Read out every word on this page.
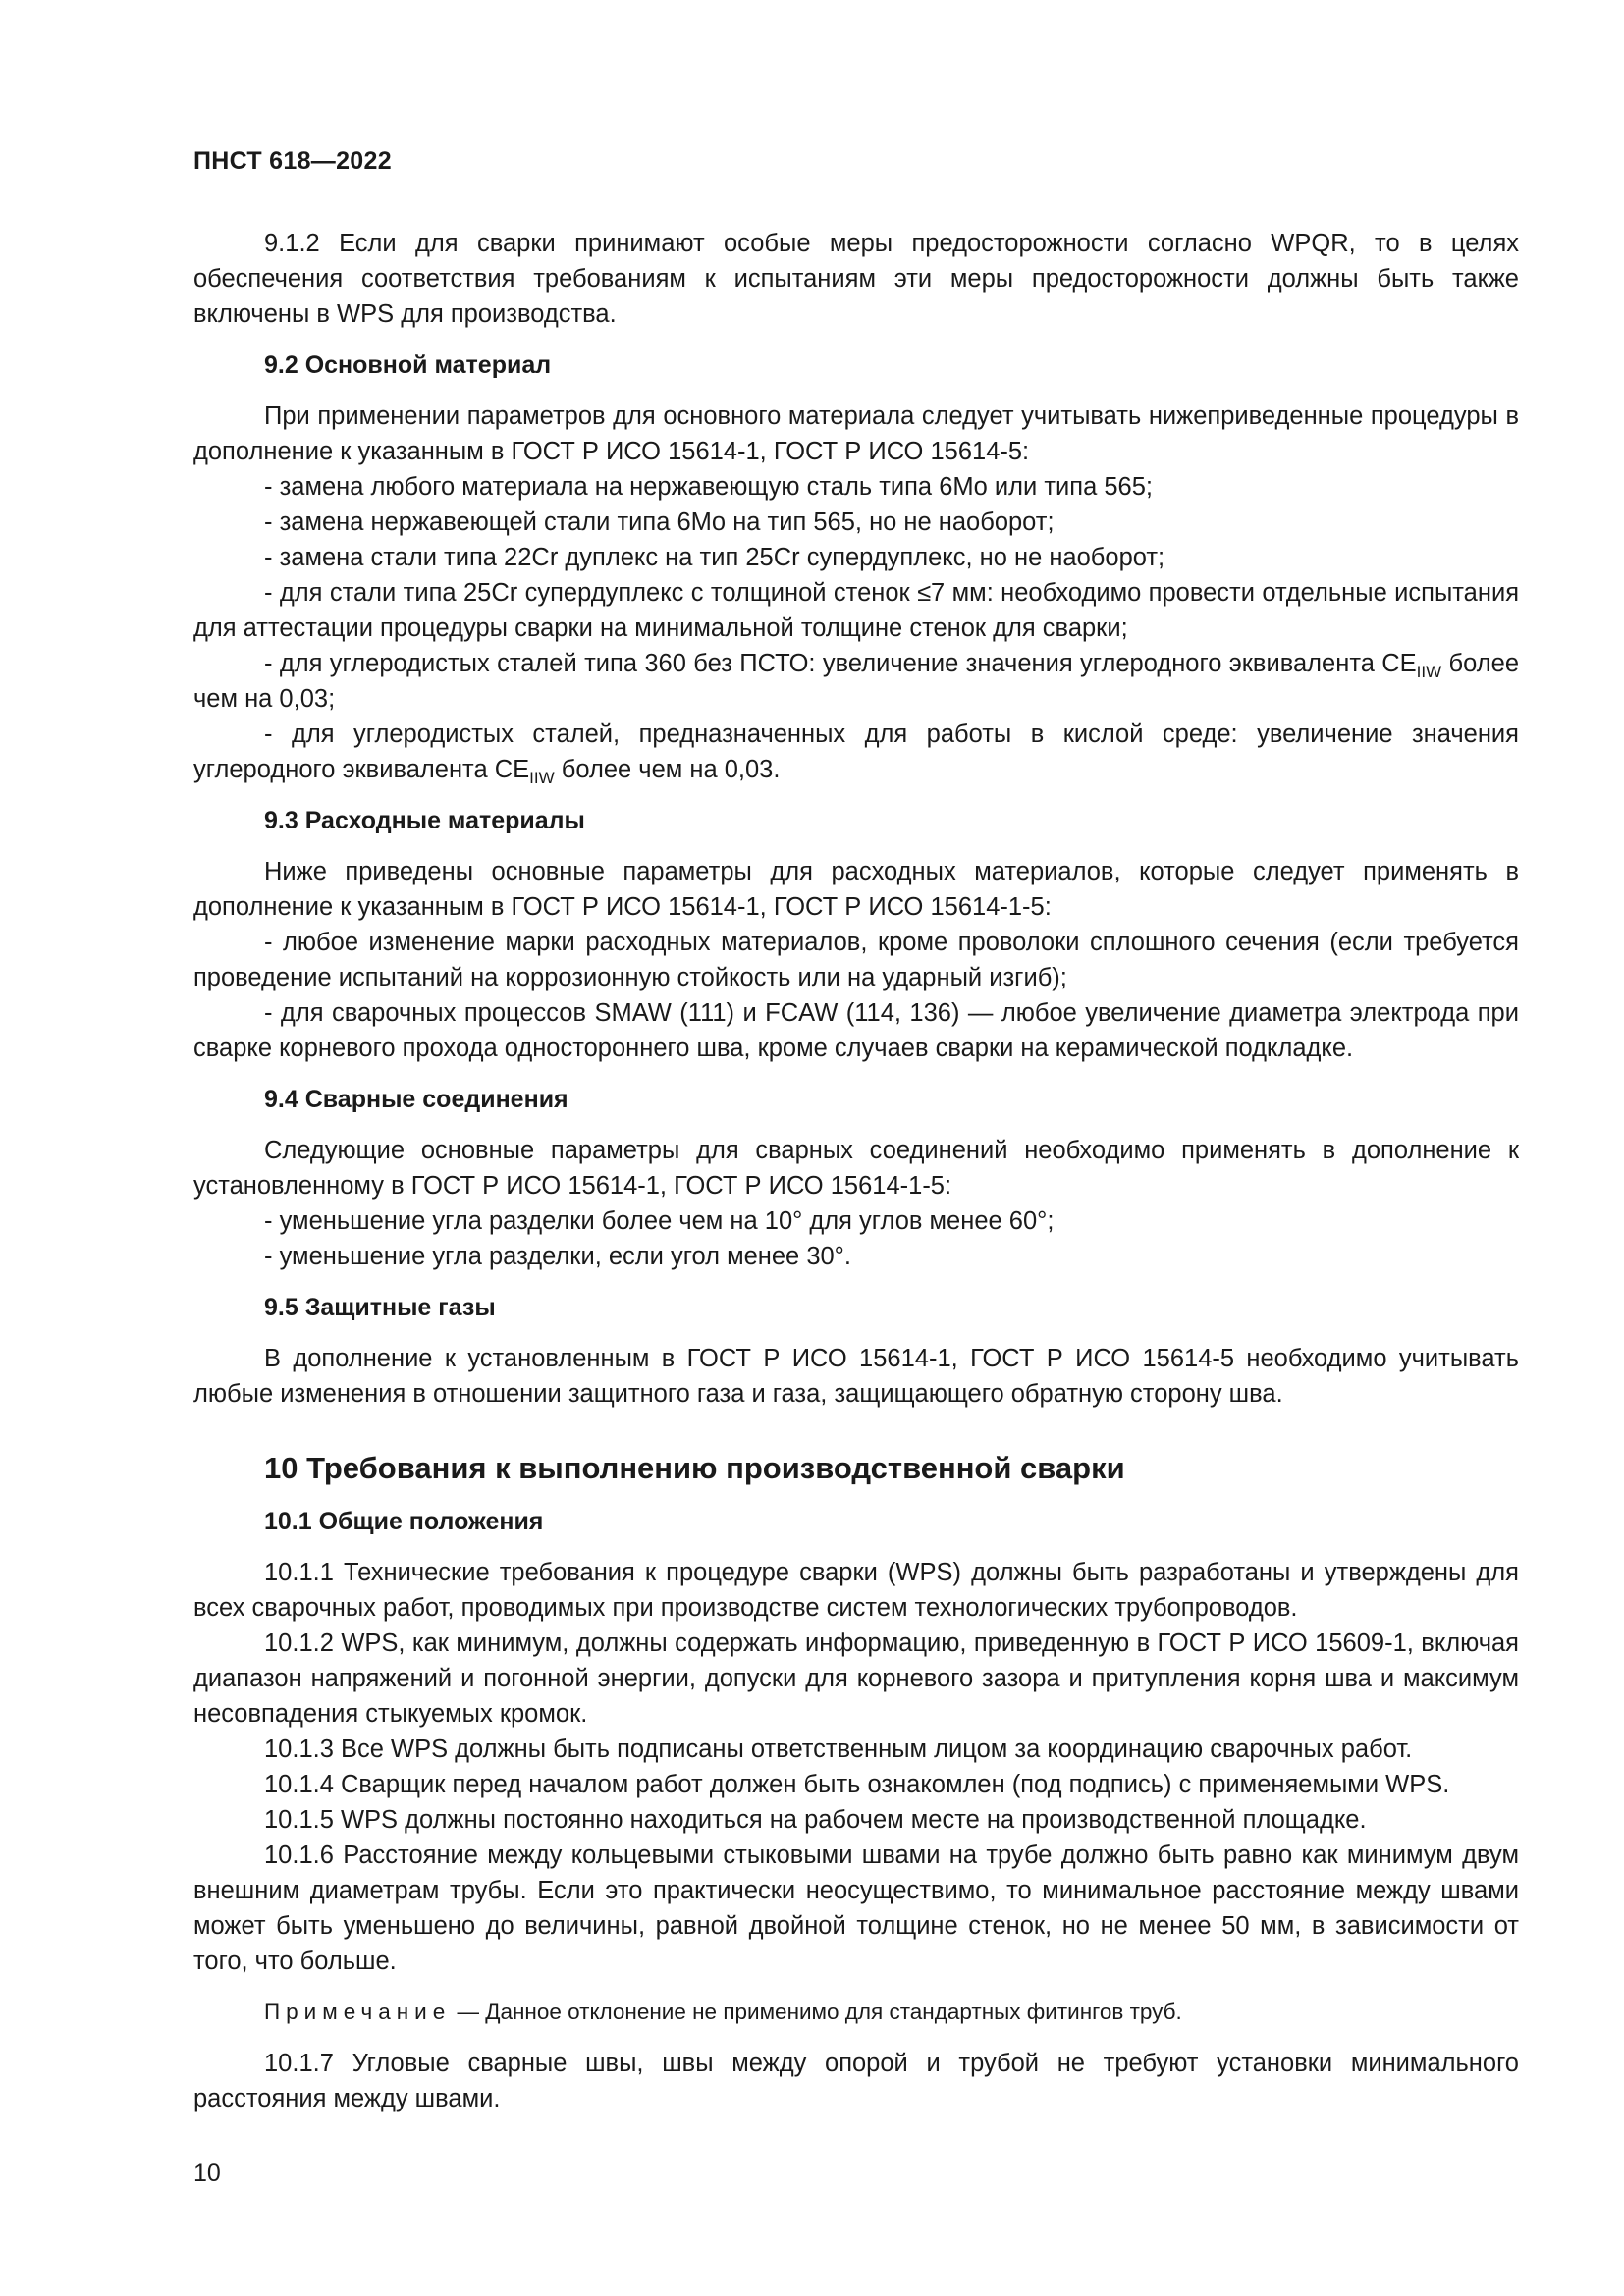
ПНСТ 618—2022

9.1.2 Если для сварки принимают особые меры предосторожности согласно WPQR, то в целях обеспечения соответствия требованиям к испытаниям эти меры предосторожности должны быть также включены в WPS для производства.

9.2 Основной материал

При применении параметров для основного материала следует учитывать нижеприведенные процедуры в дополнение к указанным в ГОСТ Р ИСО 15614-1, ГОСТ Р ИСО 15614-5:

- замена любого материала на нержавеющую сталь типа 6Mo или типа 565;

- замена нержавеющей стали типа 6Mo на тип 565, но не наоборот;

- замена стали типа 22Cr дуплекс на тип 25Cr супердуплекс, но не наоборот;

- для стали типа 25Cr супердуплекс с толщиной стенок ≤7 мм: необходимо провести отдельные испытания для аттестации процедуры сварки на минимальной толщине стенок для сварки;

- для углеродистых сталей типа 360 без ПСТО: увеличение значения углеродного эквивалента $CE_{IIW}$ более чем на 0,03;

- для углеродистых сталей, предназначенных для работы в кислой среде: увеличение значения углеродного эквивалента $CE_{IIW}$ более чем на 0,03.

9.3 Расходные материалы

Ниже приведены основные параметры для расходных материалов, которые следует применять в дополнение к указанным в ГОСТ Р ИСО 15614-1, ГОСТ Р ИСО 15614-1-5:

- любое изменение марки расходных материалов, кроме проволоки сплошного сечения (если требуется проведение испытаний на коррозионную стойкость или на ударный изгиб);

- для сварочных процессов SMAW (111) и FCAW (114, 136) — любое увеличение диаметра электрода при сварке корневого прохода одностороннего шва, кроме случаев сварки на керамической подкладке.

9.4 Сварные соединения

Следующие основные параметры для сварных соединений необходимо применять в дополнение к установленному в ГОСТ Р ИСО 15614-1, ГОСТ Р ИСО 15614-1-5:

- уменьшение угла разделки более чем на 10° для углов менее 60°;

- уменьшение угла разделки, если угол менее 30°.

9.5 Защитные газы

В дополнение к установленным в ГОСТ Р ИСО 15614-1, ГОСТ Р ИСО 15614-5 необходимо учитывать любые изменения в отношении защитного газа и газа, защищающего обратную сторону шва.

10 Требования к выполнению производственной сварки

10.1 Общие положения

10.1.1 Технические требования к процедуре сварки (WPS) должны быть разработаны и утверждены для всех сварочных работ, проводимых при производстве систем технологических трубопроводов.

10.1.2 WPS, как минимум, должны содержать информацию, приведенную в ГОСТ Р ИСО 15609-1, включая диапазон напряжений и погонной энергии, допуски для корневого зазора и притупления корня шва и максимум несовпадения стыкуемых кромок.

10.1.3 Все WPS должны быть подписаны ответственным лицом за координацию сварочных работ.

10.1.4 Сварщик перед началом работ должен быть ознакомлен (под подпись) с применяемыми WPS.

10.1.5 WPS должны постоянно находиться на рабочем месте на производственной площадке.

10.1.6 Расстояние между кольцевыми стыковыми швами на трубе должно быть равно как минимум двум внешним диаметрам трубы. Если это практически неосуществимо, то минимальное расстояние между швами может быть уменьшено до величины, равной двойной толщине стенок, но не менее 50 мм, в зависимости от того, что больше.

Примечание — Данное отклонение не применимо для стандартных фитингов труб.

10.1.7 Угловые сварные швы, швы между опорой и трубой не требуют установки минимального расстояния между швами.

10
